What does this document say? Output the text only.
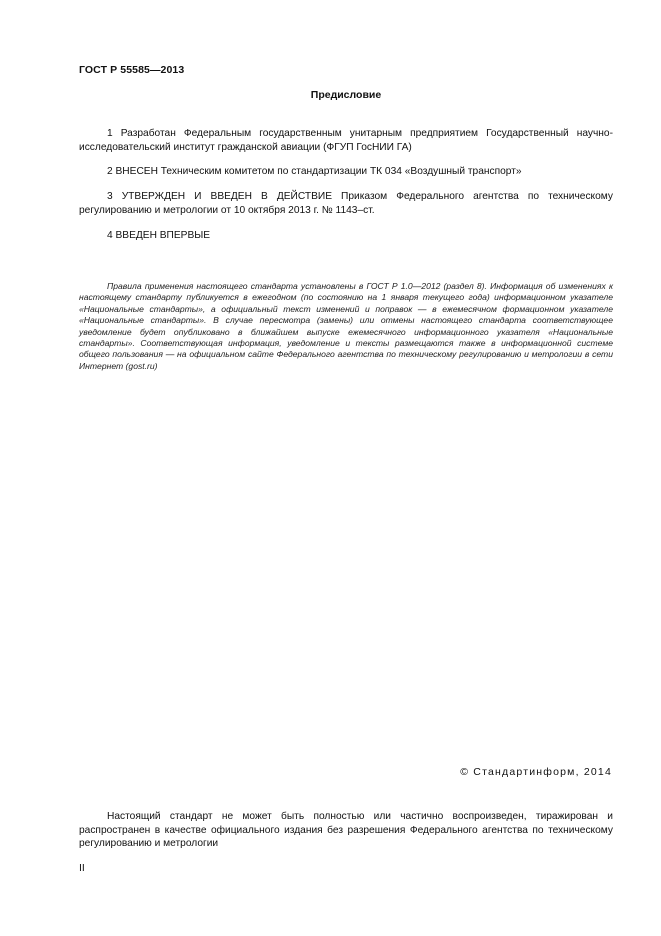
ГОСТ Р 55585—2013
Предисловие

1 Разработан Федеральным государственным унитарным предприятием Государственный научно-исследовательский институт гражданской авиации (ФГУП ГосНИИ ГА)

2 ВНЕСЕН Техническим комитетом по стандартизации ТК 034 «Воздушный транспорт»

3 УТВЕРЖДЕН И ВВЕДЕН В ДЕЙСТВИЕ Приказом Федерального агентства по техническому регулированию и метрологии от 10 октября 2013 г. № 1143–ст.

4 ВВЕДЕН ВПЕРВЫЕ

Правила применения настоящего стандарта установлены в ГОСТ Р 1.0—2012 (раздел 8). Информация об изменениях к настоящему стандарту публикуется в ежегодном (по состоянию на 1 января текущего года) информационном указателе «Национальные стандарты», а официальный текст изменений и поправок — в ежемесячном формационном указателе «Национальные стандарты». В случае пересмотра (замены) или отмены настоящего стандарта соответствующее уведомление будет опубликовано в ближайшем выпуске ежемесячного информационного указателя «Национальные стандарты». Соответствующая информация, уведомление и тексты размещаются также в информационной системе общего пользования — на официальном сайте Федерального агентства по техническому регулированию и метрологии в сети Интернет (gost.ru)

© Стандартинформ, 2014

Настоящий стандарт не может быть полностью или частично воспроизведен, тиражирован и распространен в качестве официального издания без разрешения Федерального агентства по техническому регулированию и метрологии

II
